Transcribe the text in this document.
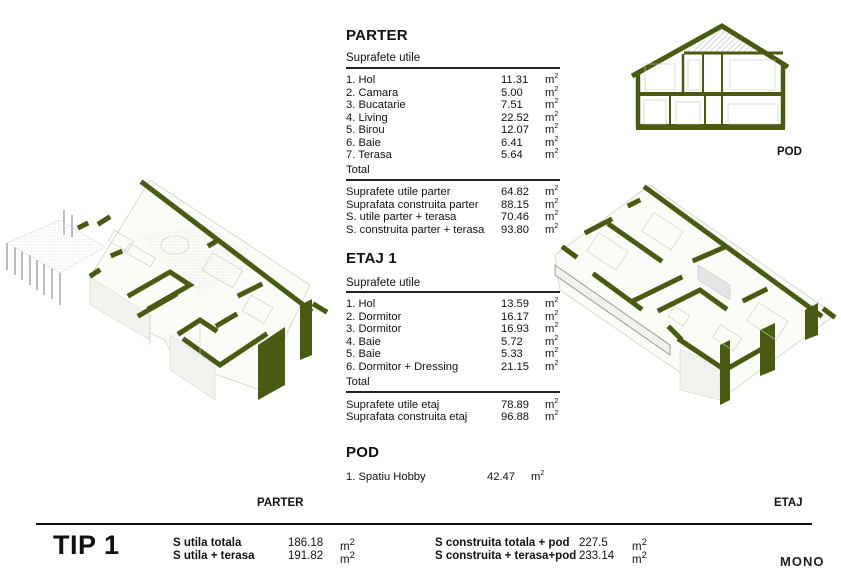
PARTER
Suprafete utile
1. Hol	11.31 $m^2$
2. Camara	5.00 $m^2$
3. Bucatarie	7.51 $m^2$
4. Living	22.52 $m^2$
5. Birou	12.07 $m^2$
6. Baie	6.41 $m^2$
7. Terasa	5.64 $m^2$
Total
Suprafete utile parter	64.82 $m^2$
Suprafata construita parter 88.15 $m^2$
S. utile parter + terasa	70.46 $m^2$
S. construita parter + terasa 93.80 $m^2$
ETAJ 1
Suprafete utile
1. Hol	13.59 $m^2$
2. Dormitor	16.17 $m^2$
3. Dormitor	16.93 $m^2$
4. Baie	5.72 $m^2$
5. Baie	5.33 $m^2$
6. Dormitor + Dressing	21.15 $m^2$
Total
Suprafete utile etaj	78.89 $m^2$
Suprafata construita etaj	96.88 $m^2$
POD
1. Spatiu Hobby	42.47 $m^2$
POD
PARTER	ETAJ
TIP 1	S utila totala	186.18 $m^2$
S utila + terasa	191.82 $m^2$
S construita totala + pod 227.5 $m^2$
S construita + terasa+pod 233.14 $m^2$	MONO
